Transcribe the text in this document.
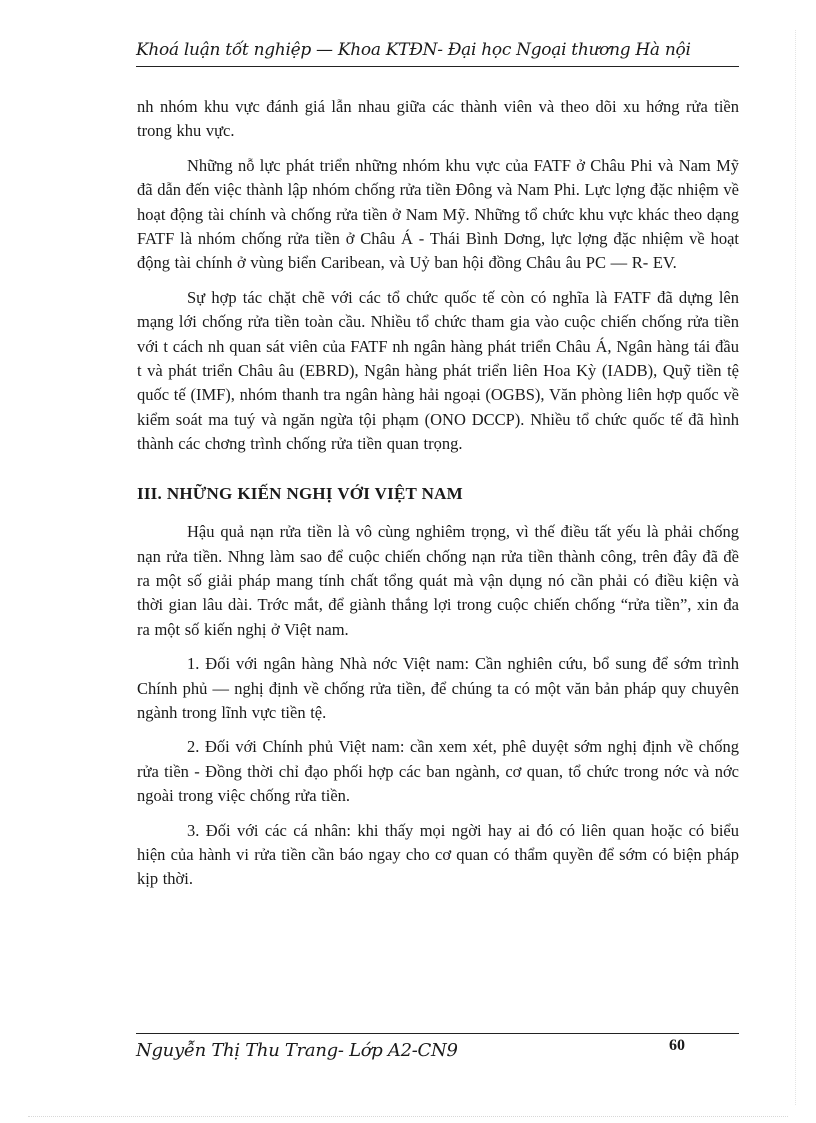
Khoá luận tốt nghiệp — Khoa KTĐN- Đại học Ngoại thương Hà nội

nh nhóm khu vực đánh giá lẫn nhau giữa các thành viên và theo dõi xu hớng rửa tiền trong khu vực.

Những nỗ lực phát triển những nhóm khu vực của FATF ở Châu Phi và Nam Mỹ đã dẫn đến việc thành lập nhóm chống rửa tiền Đông và Nam Phi. Lực lợng đặc nhiệm về hoạt động tài chính và chống rửa tiền ở Nam Mỹ. Những tổ chức khu vực khác theo dạng FATF là nhóm chống rửa tiền ở Châu Á - Thái Bình Dơng, lực lợng đặc nhiệm về hoạt động tài chính ở vùng biển Caribean, và Uỷ ban hội đồng Châu âu PC — R- EV.

Sự hợp tác chặt chẽ với các tổ chức quốc tế còn có nghĩa là FATF đã dựng lên mạng lới chống rửa tiền toàn cầu. Nhiều tổ chức tham gia vào cuộc chiến chống rửa tiền với t cách nh quan sát viên của FATF nh ngân hàng phát triển Châu Á, Ngân hàng tái đầu t và phát triển Châu âu (EBRD), Ngân hàng phát triển liên Hoa Kỳ (IADB), Quỹ tiền tệ quốc tế (IMF), nhóm thanh tra ngân hàng hải ngoại (OGBS), Văn phòng liên hợp quốc về kiểm soát ma tuý và ngăn ngừa tội phạm (ONO DCCP). Nhiều tổ chức quốc tế đã hình thành các chơng trình chống rửa tiền quan trọng.

III. NHỮNG KIẾN NGHỊ VỚI VIỆT NAM

Hậu quả nạn rửa tiền là vô cùng nghiêm trọng, vì thế điều tất yếu là phải chống nạn rửa tiền. Nhng làm sao để cuộc chiến chống nạn rửa tiền thành công, trên đây đã đề ra một số giải pháp mang tính chất tổng quát mà vận dụng nó cần phải có điều kiện và thời gian lâu dài. Trớc mắt, để giành thắng lợi trong cuộc chiến chống “rửa tiền”, xin đa ra một số kiến nghị ở Việt nam.

1. Đối với ngân hàng Nhà nớc Việt nam: Cần nghiên cứu, bổ sung để sớm trình Chính phủ — nghị định về chống rửa tiền, để chúng ta có một văn bản pháp quy chuyên ngành trong lĩnh vực tiền tệ.

2. Đối với Chính phủ Việt nam: cần xem xét, phê duyệt sớm nghị định về chống rửa tiền - Đồng thời chỉ đạo phối hợp các ban ngành, cơ quan, tổ chức trong nớc và nớc ngoài trong việc chống rửa tiền.

3. Đối với các cá nhân: khi thấy mọi ngời hay ai đó có liên quan hoặc có biểu hiện của hành vi rửa tiền cần báo ngay cho cơ quan có thẩm quyền để sớm có biện pháp kịp thời.

Nguyễn Thị Thu Trang- Lớp A2-CN9	60
